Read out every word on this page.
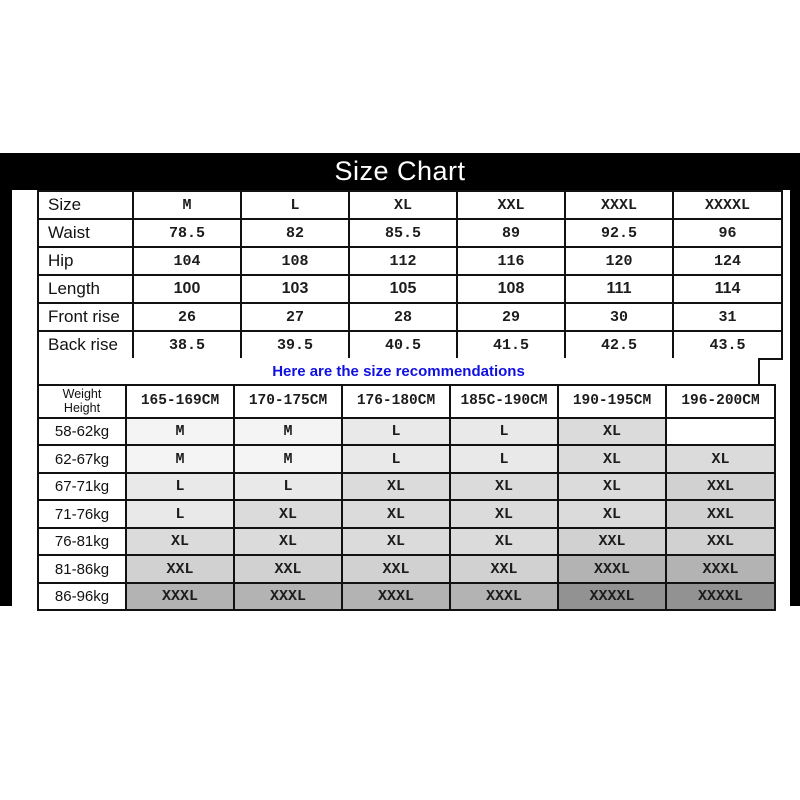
Size Chart
Size	M	L	XL	XXL	XXXL	XXXXL
Waist	78.5	82	85.5	89	92.5	96
Hip	104	108	112	116	120	124
Length	100	103	105	108	111	114
Front rise	26	27	28	29	30	31
Back rise	38.5	39.5	40.5	41.5	42.5	43.5
Here are the size recommendations
Weight
Height	165-169CM	170-175CM	176-180CM	185C-190CM	190-195CM	196-200CM
58-62kg	M	M	L	L	XL	
62-67kg	M	M	L	L	XL	XL
67-71kg	L	L	XL	XL	XL	XXL
71-76kg	L	XL	XL	XL	XL	XXL
76-81kg	XL	XL	XL	XL	XXL	XXL
81-86kg	XXL	XXL	XXL	XXL	XXXL	XXXL
86-96kg	XXXL	XXXL	XXXL	XXXL	XXXXL	XXXXL
